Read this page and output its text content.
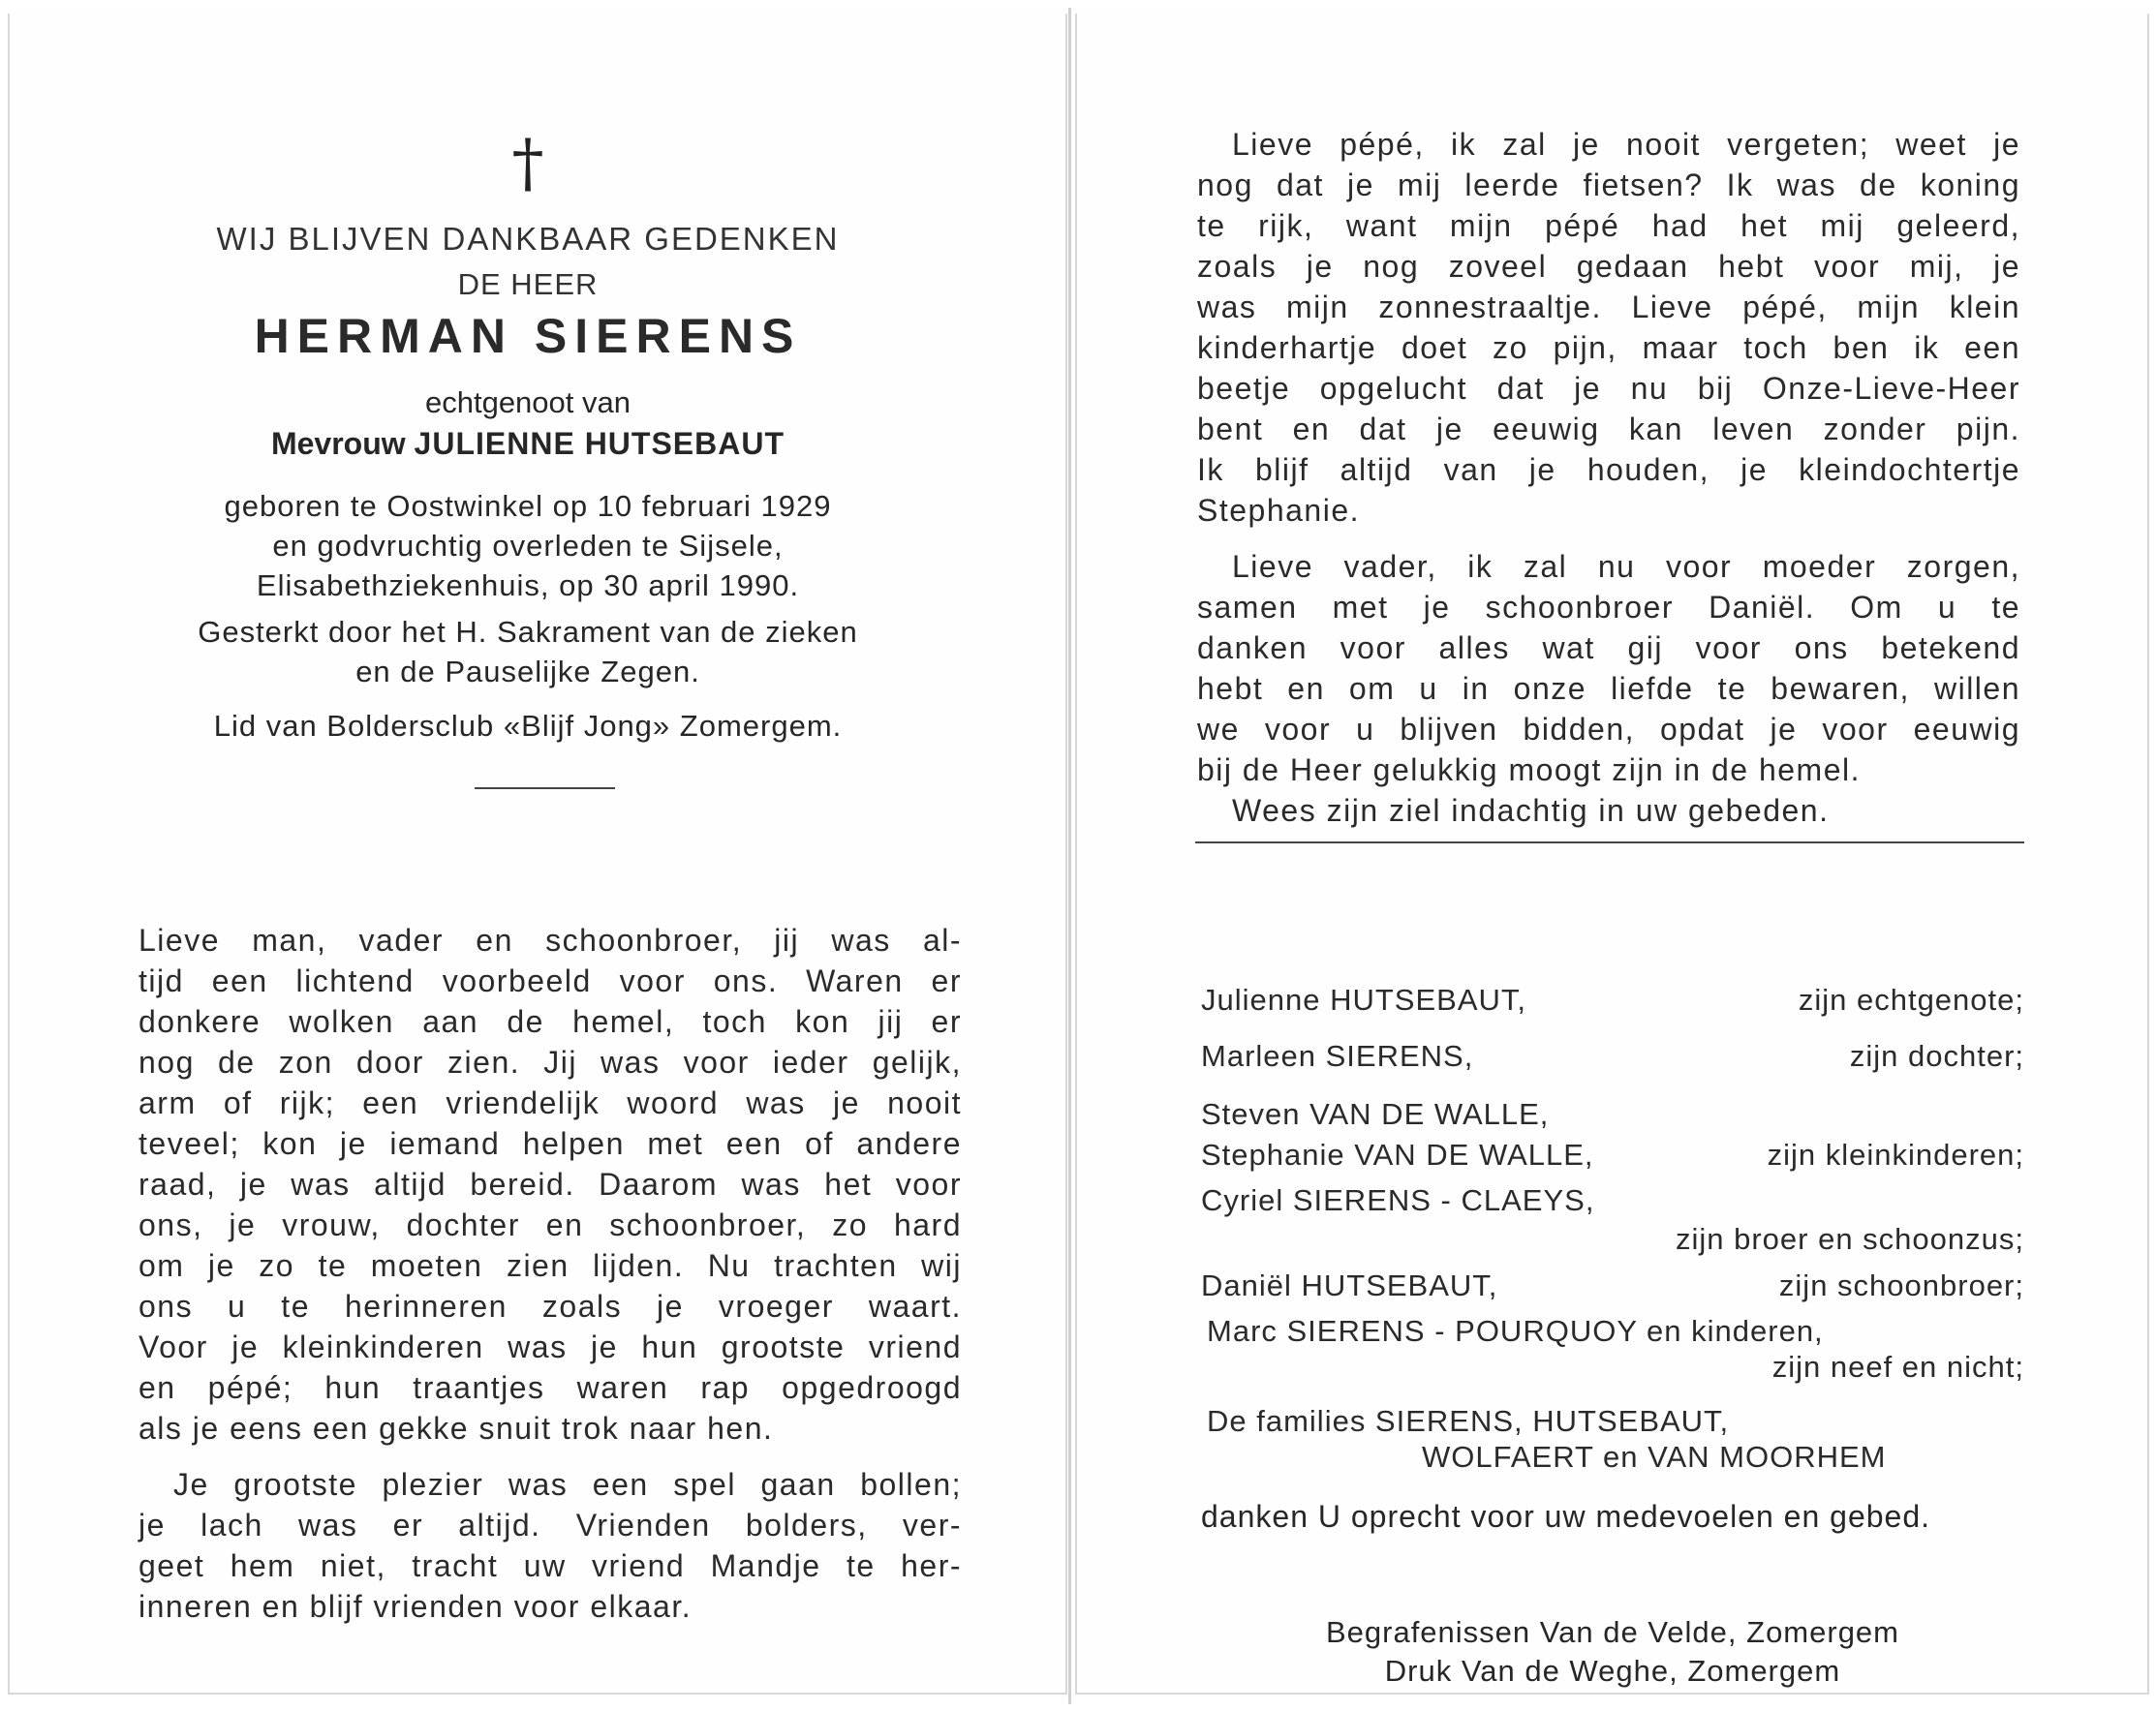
†
WIJ BLIJVEN DANKBAAR GEDENKEN
DE HEER
HERMAN SIERENS
echtgenoot van
Mevrouw JULIENNE HUTSEBAUT
geboren te Oostwinkel op 10 februari 1929
en godvruchtig overleden te Sijsele,
Elisabethziekenhuis, op 30 april 1990.
Gesterkt door het H. Sakrament van de zieken
en de Pauselijke Zegen.
Lid van Boldersclub «Blijf Jong» Zomergem.
Lieve man, vader en schoonbroer, jij was al-
tijd een lichtend voorbeeld voor ons. Waren er
donkere wolken aan de hemel, toch kon jij er
nog de zon door zien. Jij was voor ieder gelijk,
arm of rijk; een vriendelijk woord was je nooit
teveel; kon je iemand helpen met een of andere
raad, je was altijd bereid. Daarom was het voor
ons, je vrouw, dochter en schoonbroer, zo hard
om je zo te moeten zien lijden. Nu trachten wij
ons u te herinneren zoals je vroeger waart.
Voor je kleinkinderen was je hun grootste vriend
en pépé; hun traantjes waren rap opgedroogd
als je eens een gekke snuit trok naar hen.
Je grootste plezier was een spel gaan bollen;
je lach was er altijd. Vrienden bolders, ver-
geet hem niet, tracht uw vriend Mandje te her-
inneren en blijf vrienden voor elkaar.
Lieve pépé, ik zal je nooit vergeten; weet je
nog dat je mij leerde fietsen? Ik was de koning
te rijk, want mijn pépé had het mij geleerd,
zoals je nog zoveel gedaan hebt voor mij, je
was mijn zonnestraaltje. Lieve pépé, mijn klein
kinderhartje doet zo pijn, maar toch ben ik een
beetje opgelucht dat je nu bij Onze-Lieve-Heer
bent en dat je eeuwig kan leven zonder pijn.
Ik blijf altijd van je houden, je kleindochtertje
Stephanie.
Lieve vader, ik zal nu voor moeder zorgen,
samen met je schoonbroer Daniël. Om u te
danken voor alles wat gij voor ons betekend
hebt en om u in onze liefde te bewaren, willen
we voor u blijven bidden, opdat je voor eeuwig
bij de Heer gelukkig moogt zijn in de hemel.
Wees zijn ziel indachtig in uw gebeden.
Julienne HUTSEBAUT,	zijn echtgenote;
Marleen SIERENS,	zijn dochter;
Steven VAN DE WALLE,
Stephanie VAN DE WALLE,	zijn kleinkinderen;
Cyriel SIERENS - CLAEYS,
zijn broer en schoonzus;
Daniël HUTSEBAUT,	zijn schoonbroer;
Marc SIERENS - POURQUOY en kinderen,
zijn neef en nicht;
De families SIERENS, HUTSEBAUT,
WOLFAERT en VAN MOORHEM
danken U oprecht voor uw medevoelen en gebed.
Begrafenissen Van de Velde, Zomergem
Druk Van de Weghe, Zomergem
